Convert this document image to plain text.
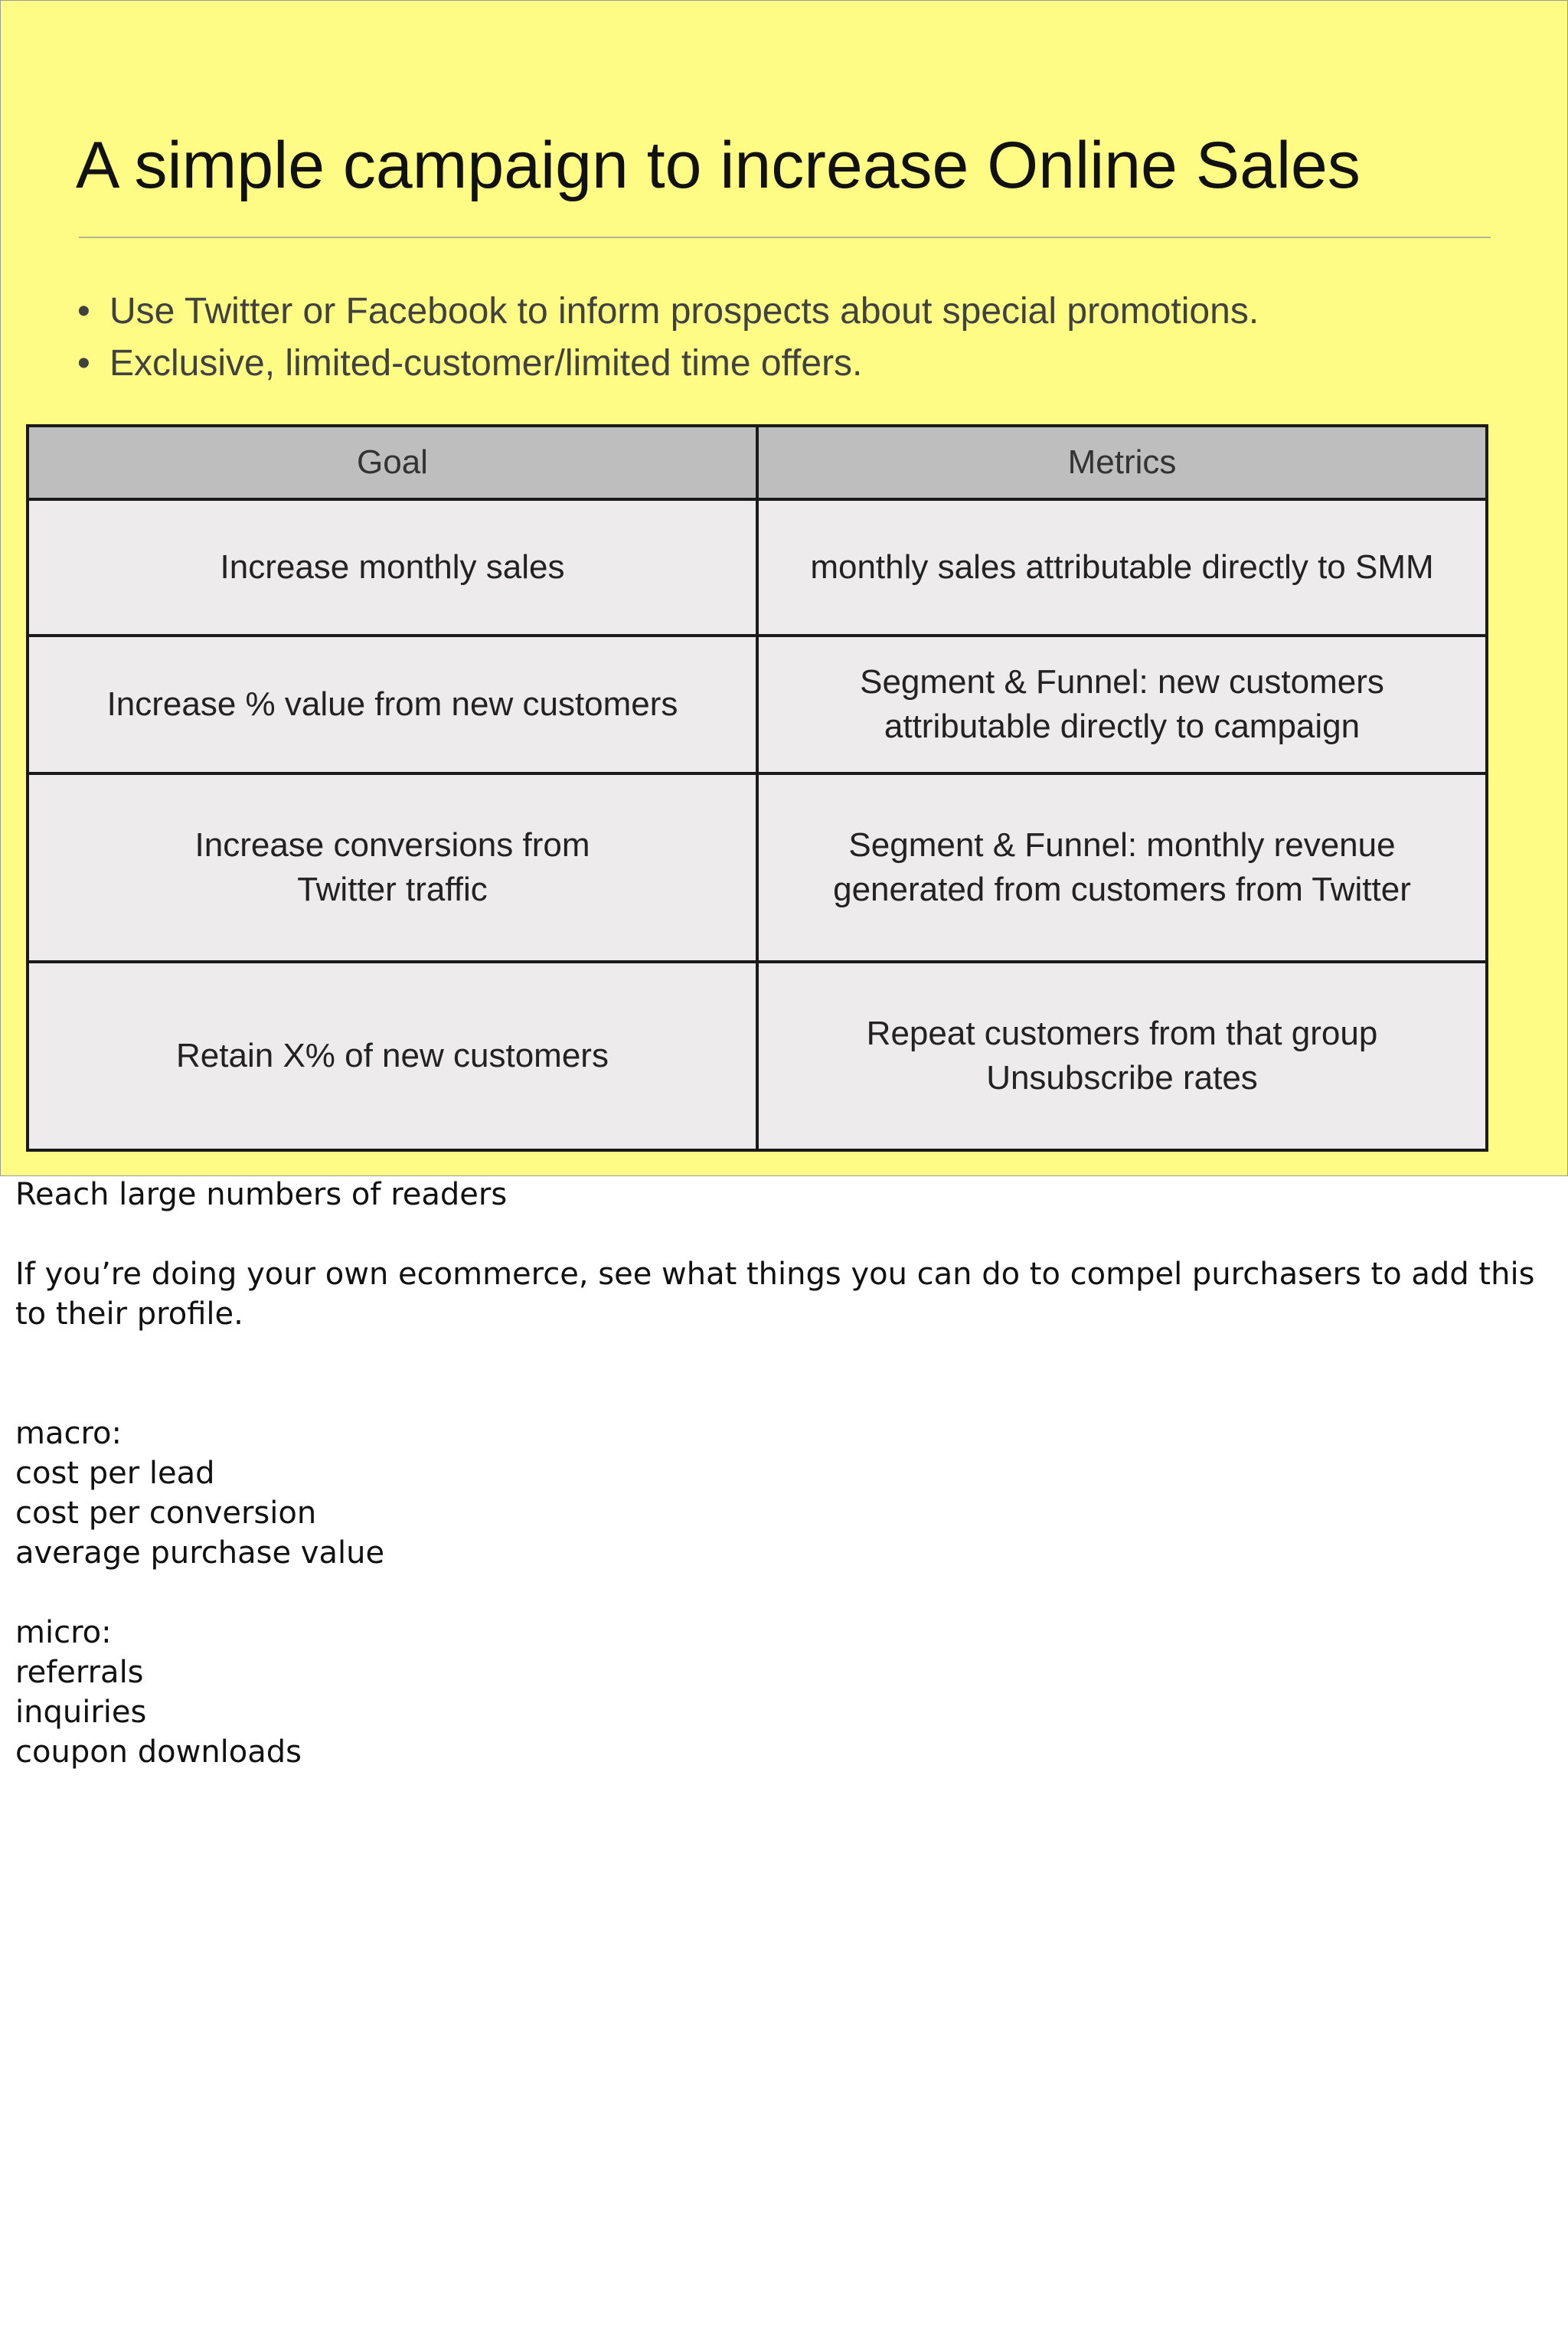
A simple campaign to increase Online Sales
• Use Twitter or Facebook to inform prospects about special promotions.
• Exclusive, limited-customer/limited time offers.
Goal	Metrics

Increase monthly sales	monthly sales attributable directly to SMM

Increase % value from new customers	Segment & Funnel: new customers
attributable directly to campaign

Increase conversions from
Twitter traffic	Segment & Funnel: monthly revenue
generated from customers from Twitter

Retain X% of new customers	Repeat customers from that group
Unsubscribe rates

Reach large numbers of readers

If you’re doing your own ecommerce, see what things you can do to compel purchasers to add this to their profile.

macro:

cost per lead

cost per conversion

average purchase value

micro:

referrals

inquiries

coupon downloads
